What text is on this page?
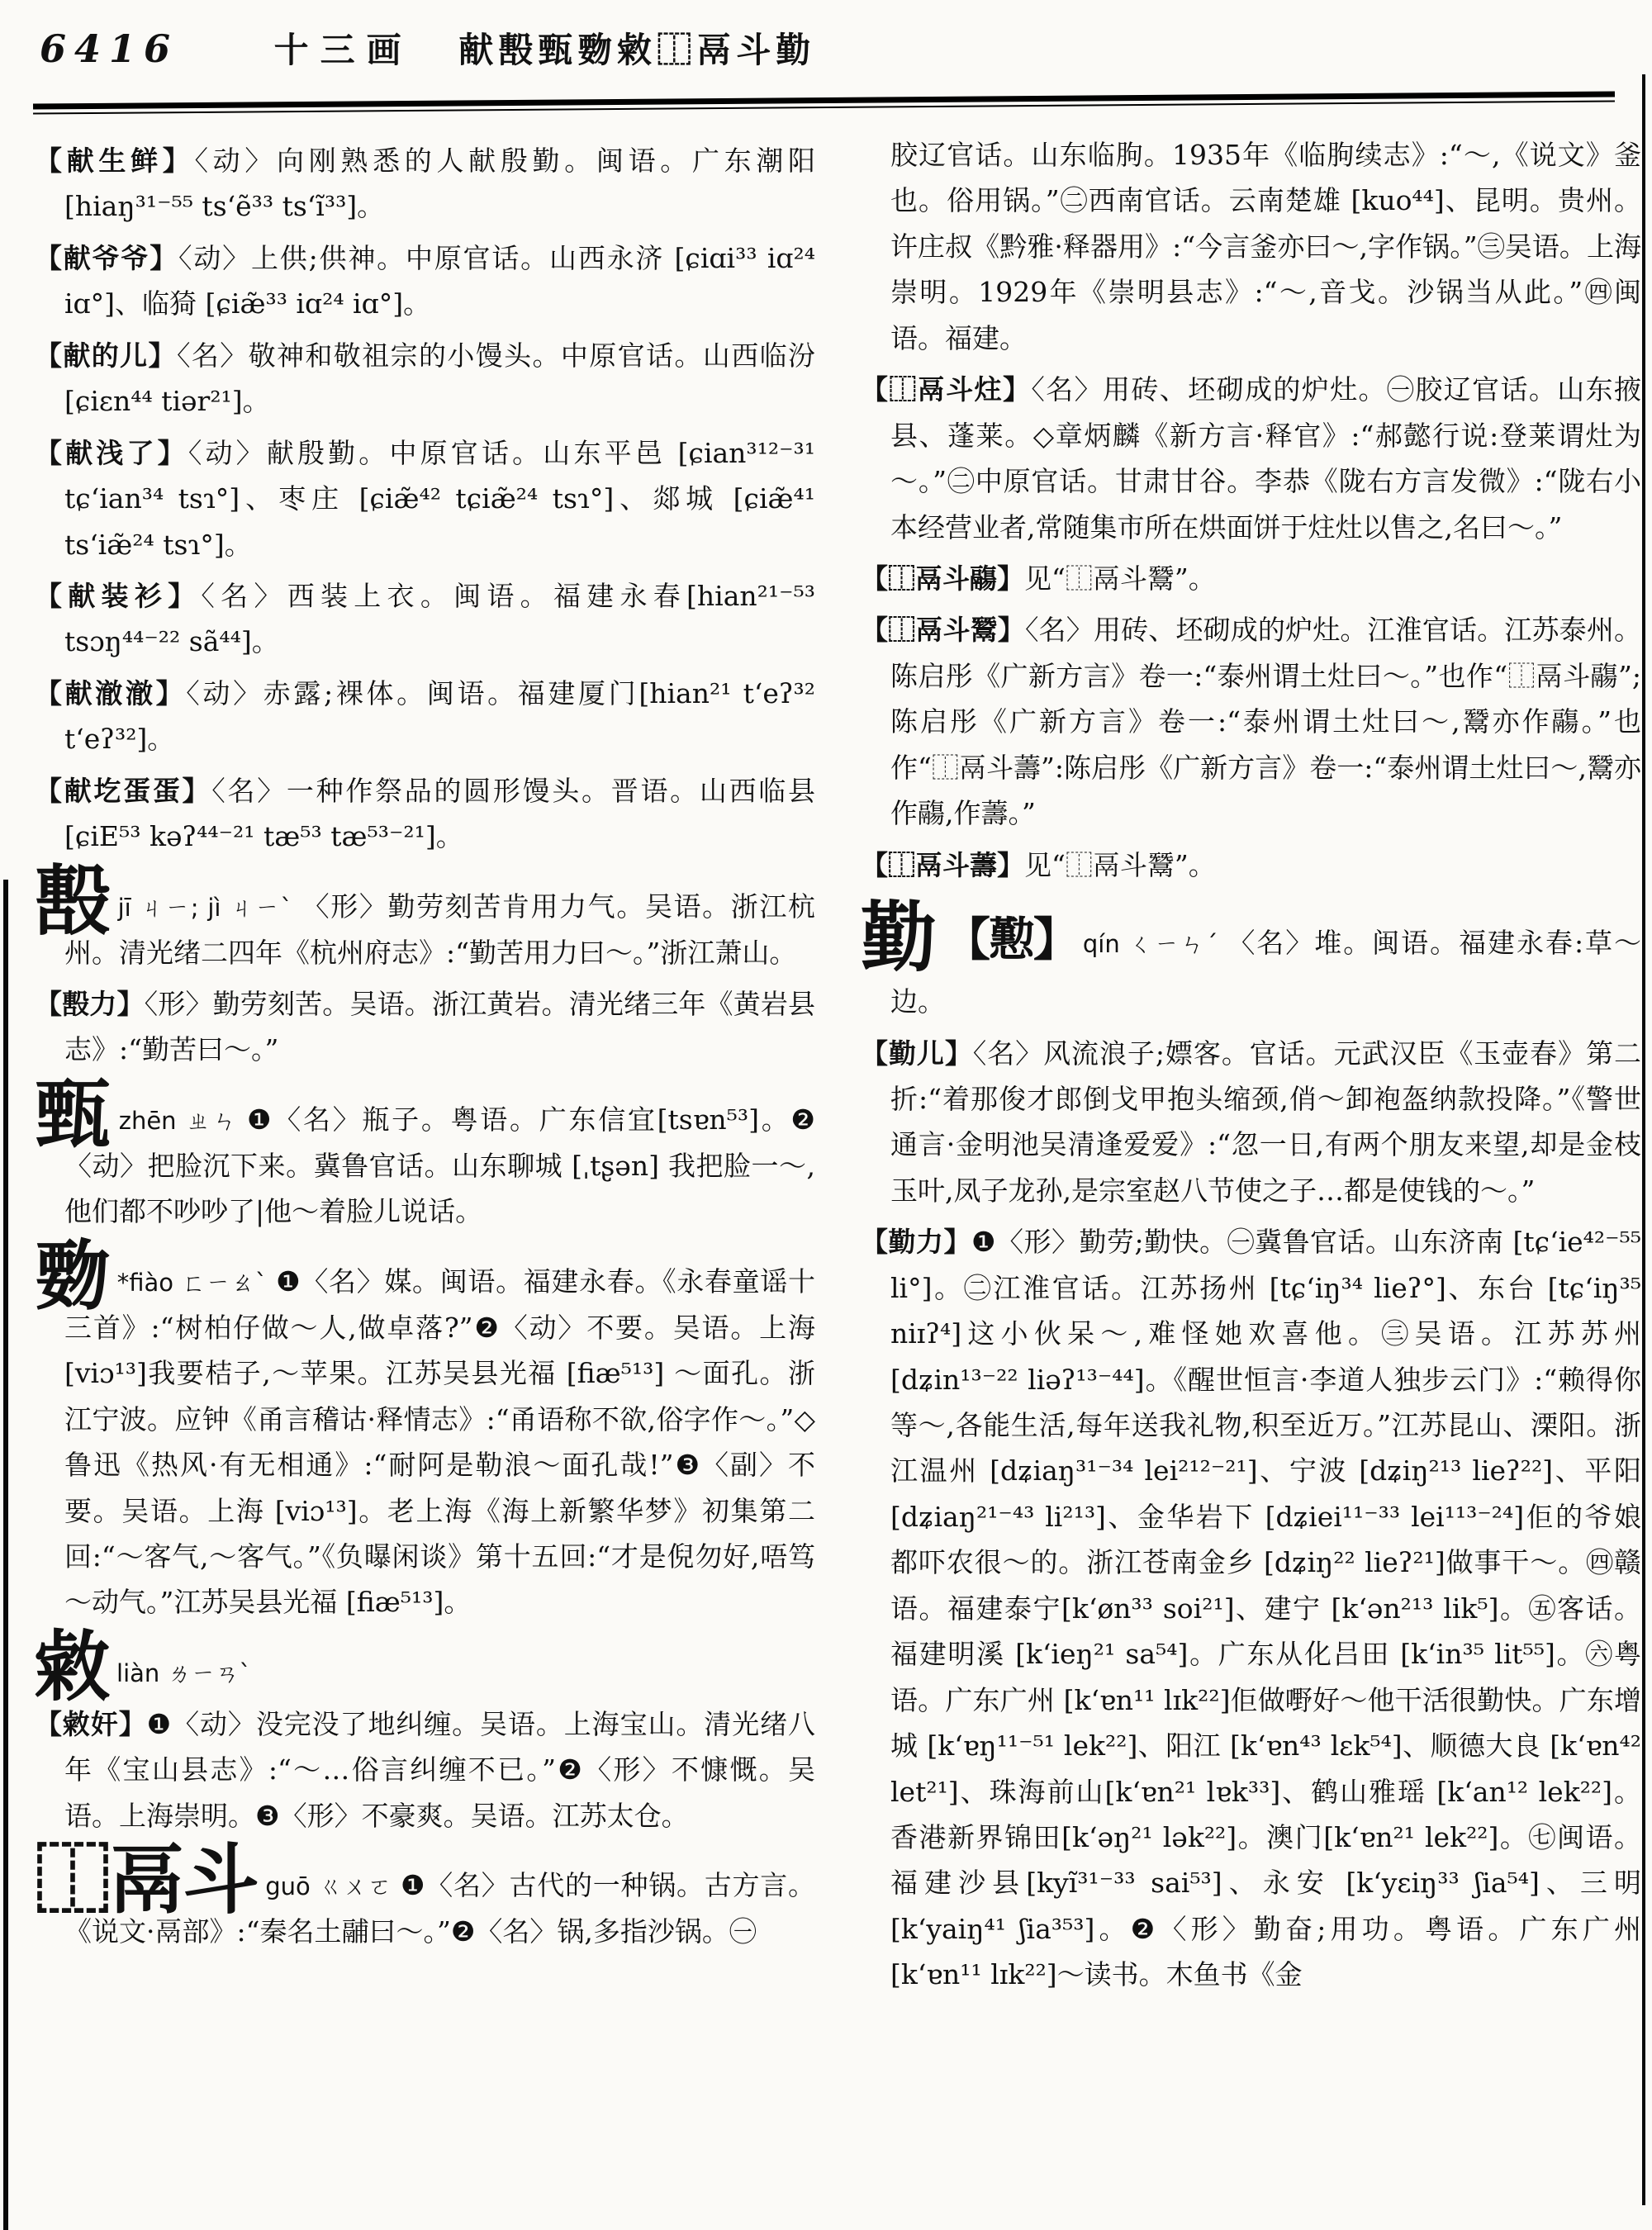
6416	十三画 献毄甄覅敹⿰鬲斗勤
【献生鲜】〈动〉向刚熟悉的人献殷勤。闽语。广东潮阳 [hiaŋ³¹⁻⁵⁵ tsʻẽ³³ tsʻĩ³³]。
【献爷爷】〈动〉上供;供神。中原官话。山西永济 [ɕiɑi³³ iɑ²⁴ iɑ°]、临猗 [ɕiæ̃³³ iɑ²⁴ iɑ°]。
【献的儿】〈名〉敬神和敬祖宗的小馒头。中原官话。山西临汾 [ɕiɛn⁴⁴ tiər²¹]。
【献浅了】〈动〉献殷勤。中原官话。山东平邑 [ɕian³¹²⁻³¹ tɕʻian³⁴ tsɿ°]、枣庄 [ɕiæ̃⁴² tɕiæ̃²⁴ tsɿ°]、郯城 [ɕiæ̃⁴¹ tsʻiæ̃²⁴ tsɿ°]。
【献装衫】〈名〉西装上衣。闽语。福建永春[hian²¹⁻⁵³ tsɔŋ⁴⁴⁻²² sã⁴⁴]。
【献澈澈】〈动〉赤露;裸体。闽语。福建厦门[hian²¹ tʻeʔ³² tʻeʔ³²]。
【献圪蛋蛋】〈名〉一种作祭品的圆形馒头。晋语。山西临县 [ɕiE⁵³ kəʔ⁴⁴⁻²¹ tæ⁵³ tæ⁵³⁻²¹]。
毄jī ㄐㄧ; jì ㄐㄧˋ 〈形〉勤劳刻苦肯用力气。吴语。浙江杭州。清光绪二四年《杭州府志》:“勤苦用力曰～。”浙江萧山。
【毄力】〈形〉勤劳刻苦。吴语。浙江黄岩。清光绪三年《黄岩县志》:“勤苦曰～。”
甄zhēn ㄓㄣ ❶〈名〉瓶子。粤语。广东信宜[tsɐn⁵³]。❷〈动〉把脸沉下来。冀鲁官话。山东聊城 [ˌtʂən] 我把脸一～,他们都不吵吵了|他～着脸儿说话。
覅 *fiào ㄈㄧㄠˋ ❶〈名〉媒。闽语。福建永春。《永春童谣十三首》:“树柏仔做～人,做卓落?”❷〈动〉不要。吴语。上海 [viɔ¹³]我要桔子,～苹果。江苏吴县光福 [fiæ⁵¹³] ～面孔。浙江宁波。应钟《甬言稽诂·释情志》:“甬语称不欲,俗字作～。”◇鲁迅《热风·有无相通》:“耐阿是勒浪～面孔哉!”❸〈副〉不要。吴语。上海 [viɔ¹³]。老上海《海上新繁华梦》初集第二回:“～客气,～客气。”《负曝闲谈》第十五回:“才是倪勿好,唔笃～动气。”江苏吴县光福 [fiæ⁵¹³]。
敹liàn ㄌㄧㄢˋ
【敹奸】❶〈动〉没完没了地纠缠。吴语。上海宝山。清光绪八年《宝山县志》:“～…俗言纠缠不已。”❷〈形〉不慷慨。吴语。上海崇明。❸〈形〉不豪爽。吴语。江苏太仓。
⿰鬲斗 guō ㄍㄨㄛ ❶〈名〉古代的一种锅。古方言。《说文·鬲部》:“秦名土鬴曰～。”❷〈名〉锅,多指沙锅。㊀
胶辽官话。山东临朐。1935年《临朐续志》:“～,《说文》釜也。俗用锅。”㊁西南官话。云南楚雄 [kuo⁴⁴]、昆明。贵州。许庄叔《黔雅·释器用》:“今言釜亦曰～,字作锅。”㊂吴语。上海崇明。1929年《崇明县志》:“～,音戈。沙锅当从此。”㊃闽语。福建。
【⿰鬲斗炷】〈名〉用砖、坯砌成的炉灶。㊀胶辽官话。山东掖县、蓬莱。◇章炳麟《新方言·释官》:“郝懿行说:登莱谓灶为～。”㊁中原官话。甘肃甘谷。李恭《陇右方言发微》:“陇右小本经营业者,常随集市所在烘面饼于炷灶以售之,名曰～。”
【⿰鬲斗鬺】见“⿰鬲斗鬵”。
【⿰鬲斗鬵】〈名〉用砖、坯砌成的炉灶。江淮官话。江苏泰州。陈启彤《广新方言》卷一:“泰州谓土灶曰～。”也作“⿰鬲斗鬺”;陈启彤《广新方言》卷一:“泰州谓土灶曰～,鬵亦作鬺。”也作“⿰鬲斗薵”:陈启彤《广新方言》卷一:“泰州谓土灶曰～,鬵亦作鬺,作薵。”
【⿰鬲斗薵】见“⿰鬲斗鬵”。
勤 【懃】 qín ㄑㄧㄣˊ 〈名〉堆。闽语。福建永春:草～边。
【勤儿】〈名〉风流浪子;嫖客。官话。元武汉臣《玉壶春》第二折:“着那俊才郎倒戈甲抱头缩颈,俏～卸袍盔纳款投降。”《警世通言·金明池吴清逢爱爱》:“忽一日,有两个朋友来望,却是金枝玉叶,凤子龙孙,是宗室赵八节使之子…都是使钱的～。”
【勤力】❶〈形〉勤劳;勤快。㊀冀鲁官话。山东济南 [tɕʻie⁴²⁻⁵⁵ li°]。㊁江淮官话。江苏扬州 [tɕʻiŋ³⁴ lieʔ°]、东台 [tɕʻiŋ³⁵ niɪʔ⁴]这小伙呆～,难怪她欢喜他。㊂吴语。江苏苏州 [dʑin¹³⁻²² liəʔ¹³⁻⁴⁴]。《醒世恒言·李道人独步云门》:“赖得你等～,各能生活,每年送我礼物,积至近万。”江苏昆山、溧阳。浙江温州 [dʑiaŋ³¹⁻³⁴ lei²¹²⁻²¹]、宁波 [dʑiŋ²¹³ lieʔ²²]、平阳[dʑiaŋ²¹⁻⁴³ li²¹³]、金华岩下 [dʑiei¹¹⁻³³ lei¹¹³⁻²⁴]佢的爷娘都吓农很～的。浙江苍南金乡 [dʑiŋ²² lieʔ²¹]做事干～。㊃赣语。福建泰宁[kʻøn³³ soi²¹]、建宁 [kʻən²¹³ lik⁵]。㊄客话。福建明溪 [kʻieŋ²¹ sa⁵⁴]。广东从化吕田 [kʻin³⁵ lit⁵⁵]。㊅粤语。广东广州 [kʻɐn¹¹ lɪk²²]佢做嘢好～他干活很勤快。广东增城 [kʻɐŋ¹¹⁻⁵¹ lek²²]、阳江 [kʻɐn⁴³ lɛk⁵⁴]、顺德大良 [kʻɐn⁴² let²¹]、珠海前山[kʻɐn²¹ lɐk³³]、鹤山雅瑶 [kʻan¹² lek²²]。香港新界锦田[kʻəŋ²¹ lək²²]。澳门[kʻɐn²¹ lek²²]。㊆闽语。福建沙县[kyĩ³¹⁻³³ sai⁵³]、永安 [kʻyɛiŋ³³ ʃia⁵⁴]、三明[kʻyaiŋ⁴¹ ʃia³⁵³]。❷〈形〉勤奋;用功。粤语。广东广州 [kʻɐn¹¹ lɪk²²]～读书。木鱼书《金
